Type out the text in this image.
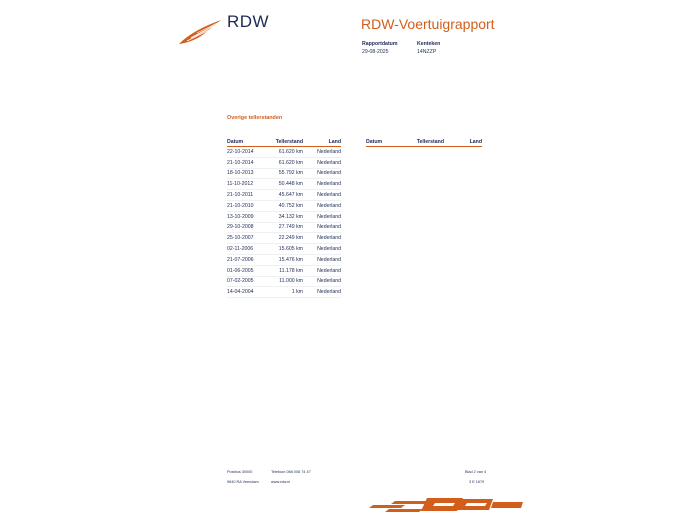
RDW	RDW-Voertuigrapport
Rapportdatum
29-08-2025
Kenteken
14NZZP
Overige tellerstanden
Datum	Tellerstand	Land
22-10-2014	61.620 km	Nederland
21-10-2014	61.620 km	Nederland
18-10-2013	55.792 km	Nederland
11-10-2012	50.448 km	Nederland
21-10-2011	45.647 km	Nederland
21-10-2010	40.752 km	Nederland
13-10-2009	34.132 km	Nederland
29-10-2008	27.749 km	Nederland
25-10-2007	22.249 km	Nederland
02-11-2006	15.605 km	Nederland
21-07-2006	15.476 km	Nederland
01-06-2005	11.178 km	Nederland
07-02-2005	11.000 km	Nederland
14-04-2004	1 km	Nederland
Datum	Tellerstand	Land
Postbus 30000
9640 RA Veendam
Telefoon 088 008 74 47
www.rdw.nl
Blad 2 van 4
3 E 1679
